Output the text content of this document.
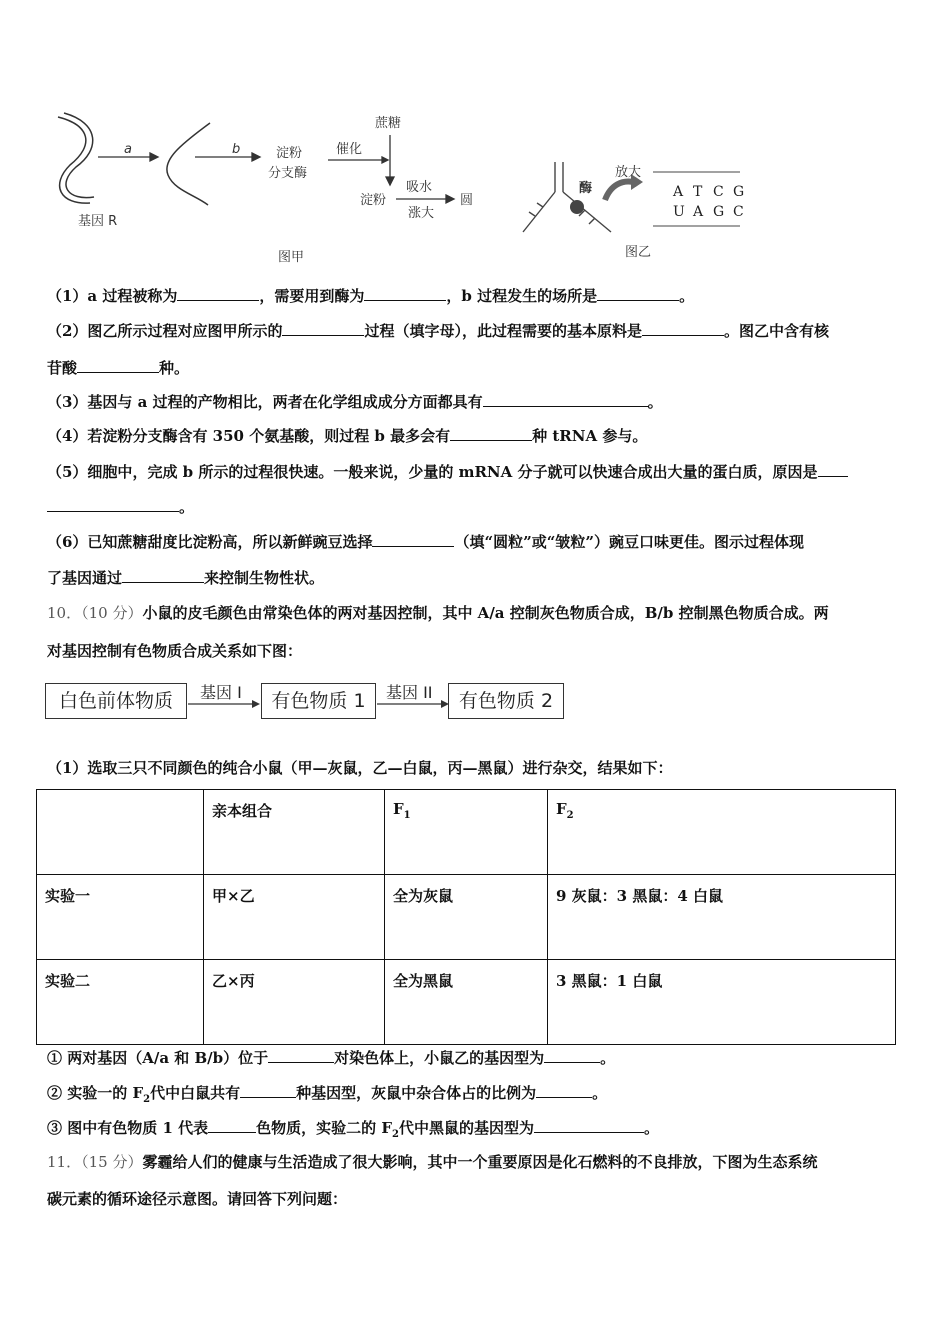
基因 R
a	b	淀粉
分支酶
蔗糖
催化
淀粉
吸水
涨大
圆
图甲
酶
放大
A T C G
U A G C
图乙
（1）a 过程被称为	，需要用到酶为	，b 过程发生的场所是	。
（2）图乙所示过程对应图甲所示的	过程（填字母），此过程需要的基本原料是	。图乙中含有核
苷酸	种。
（3）基因与 a 过程的产物相比，两者在化学组成成分方面都具有	。
（4）若淀粉分支酶含有 350 个氨基酸，则过程 b 最多会有	种 tRNA 参与。
（5）细胞中，完成 b 所示的过程很快速。一般来说，少量的 mRNA 分子就可以快速合成出大量的蛋白质，原因是
。
（6）已知蔗糖甜度比淀粉高，所以新鲜豌豆选择	（填“圆粒”或“皱粒”）豌豆口味更佳。图示过程体现
了基因通过	来控制生物性状。
10．（10 分）小鼠的皮毛颜色由常染色体的两对基因控制，其中 A/a 控制灰色物质合成，B/b 控制黑色物质合成。两
对基因控制有色物质合成关系如下图：
白色前体物质	基因 I	有色物质 1	基因 II	有色物质 2
（1）选取三只不同颜色的纯合小鼠（甲—灰鼠，乙—白鼠，丙—黑鼠）进行杂交，结果如下：
	亲本组合	$F_1$	$F_2$
实验一	甲×乙	全为灰鼠	9 灰鼠：3 黑鼠：4 白鼠
实验二	乙×丙	全为黑鼠	3 黑鼠：1 白鼠
① 两对基因（A/a 和 B/b）位于	对染色体上，小鼠乙的基因型为	。
② 实验一的 $F_2$代中白鼠共有	种基因型，灰鼠中杂合体占的比例为	。
③ 图中有色物质 1 代表	色物质，实验二的 $F_2$代中黑鼠的基因型为	。
11．（15 分）雾霾给人们的健康与生活造成了很大影响，其中一个重要原因是化石燃料的不良排放，下图为生态系统
碳元素的循环途径示意图。请回答下列问题：
